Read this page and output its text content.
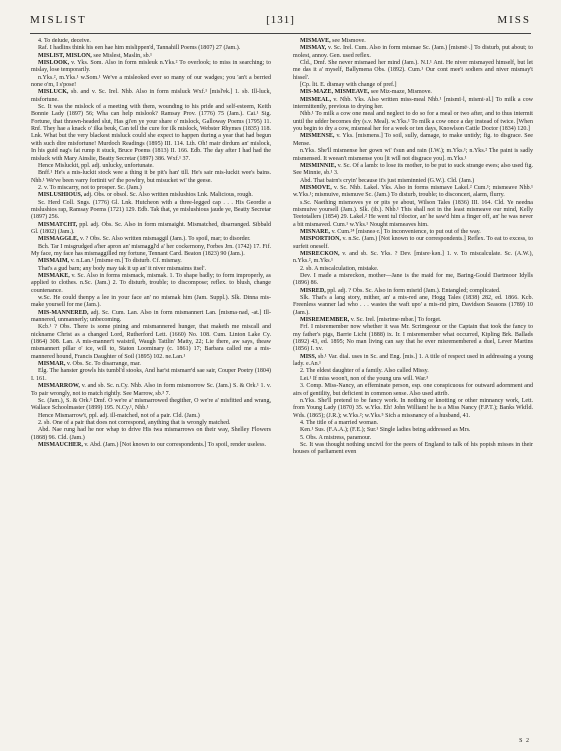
MISLIST	[131]	MISS

4. To delude, deceive.

Raf. I hadlins think his een hae him mislippen'd, Tannahill Poems (1807) 27 (Jam.).

MISLIST, MISLON, see Mislest, Maslin, sb.¹

MISLOOK, v. Yks. Som. Also in form misleuk n.Yks.² To overlook; to miss in searching; to mislay, lose temporarily.

n.Yks.², m.Yks.¹ w.Som.¹ We've a misleoked ever so many of our wadges; you 'an't a berried none o'm, I s'pose!

MISLUCK, sb. and v. Sc. Irel. Nhb. Also in form misluck Wxf.¹ [misl'ɐk.] 1. sb. Ill-luck, misfortune.

Sc. It was the mislock of a meeting with them, wounding to his pride and self-esteem, Keith Bonnie Lady (1897) 56; Wha can help mislook? Ramsay Prov. (1776) 75 (Jam.). Cai.¹ Sig. Fortune, that thrawn-headed slut, Has gi'en ye your share o' mislock, Galloway Poems (1795) 11. Rnf. They hae a knack o' ilka beuk, Can tell the cure for ilk mislock, Webster Rhymes (1835) 118. Lnk. What but the very blackest misluck could she expect to happen during a year that had begun with such dire misfortune! Murdoch Readings (1895) III. 114. Lth. Oh! mair dirdum an' mislock, In his guid nag's fat rump it stuck, Bruce Poems (1813) II. 166. Edb. The day after I had had the misluck with Mary Ainslie, Beatty Secretar (1897) 386. Wxf.¹ 37.

Hence Misluckit, ppl. adj. unlucky, unfortunate.

Bnff.¹ He's a mis-luckit stock wee a thing it be pit's han' till. He's sair mis-luckit wee's bains. Nhb.¹ We've been varry fortinit wi' the powltry, but misucket wi' the geese.

2. v. To miscarry, not to prosper. Sc. (Jam.)

MISLUSHIOUS, adj. Obs. or obsol. Sc. Also written mislushios Lnk. Malicious, rough.

Sc. Herd Coll. Sngs. (1776) Gl. Lnk. Hutcheon with a three-legged cap . . . His Geordie a mislushios rap, Ramsay Poems (1721) 129. Edb. Tak that, ye mislushious jaude ye, Beatty Secretar (1897) 256.

MISMATCHT, ppl. adj. Obs. Sc. Also in form mismaight. Mismatched, disarranged. Sibbald Gl. (1802) (Jam.).

MISMAGGLE, v. ? Obs. Sc. Also written mismaggil (Jam.). To spoil, mar; to disorder.

Bch. Tar I misgrudged a'her apron an' mismaggl'd a' her cockernony, Forbes Jrn. (1742) 17. Fif. My face, my face has mismaggilled my fortune, Tennant Card. Beaton (1823) 90 (Jam.).

MISMAIM, v. n.Lan.¹ [misme·m.] To disturb. Cf. mismay.

That's a gud barn; any body may tak it up an' it niver mismaims itsel'.

MISMAKE, v. Sc. Also in forms mismack, mismak. 1. To shape badly; to form improperly, as applied to clothes. n.Sc. (Jam.) 2. To disturb, trouble; to discompose; reflex. to blush, change countenance.

w.Sc. He could thenpy a lee in your face an' no mismak him (Jam. Suppl.). Slk. Dinna mis-make yoursell for me (Jam.).

MIS-MANNERED, adj. Sc. Cum. Lan. Also in form mismannert Lan. [misma·nad, -at.] Ill-mannered, unmannerly; unbecoming.

Kcb.¹ ? Obs. There is some pining and mismannered hunger, that maketh me miscall and nickname Christ as a changed Lord, Rutherford Lett. (1660) No. 108. Cum. Linton Lake Cy. (1864) 308. Lan. A mis-manner't waistril, Waugh Tattlin' Matty, 22; Lie there, aw says, theaw mismannert pillar o' ice, will to, Staton Loominary (c. 1861) 17; Barbara called me a mis-mannered hound, Francis Daughter of Soil (1895) 102. ne.Lan.¹

MISMAR, v. Obs. Sc. To disarrange, mar.

Elg. The hanster growls his tumbl'd stooks, And har'st mismarr'd sae sair, Couper Poetry (1804) I. 161.

MISMARROW, v. and sb. Sc. n.Cy. Nhb. Also in form mismorrow Sc. (Jam.) S. & Ork.¹ 1. v. To pair wrongly, not to match rightly. See Marrow, sb.³ 7.

Sc. (Jam.), S. & Ork.¹ Dmf. O we're a' mismarrowed thegither, O we're a' misfitted and wrang, Wallace Schoolmaster (1899) 195. N.Cy.¹, Nhb.¹

Hence Mismarrow't, ppl. adj. ill-matched, not of a pair. Cld. (Jam.)

2. sb. One of a pair that does not correspond, anything that is wrongly matched.

Abd. Nae rung had he nor whap to drive His twa mismarrows on their way, Shelley Flowers (1868) 96. Cld. (Jam.)

MISMAUCHER, v. Abd. (Jam.) [Not known to our correspondents.] To spoil, render useless.

MISMAVE, see Mismove.

MISMAY, v. Sc. Irel. Cum. Also in form mismae Sc. (Jam.) [mismē·.] To disturb, put about; to molest, annoy. Gen. used reflex.

Cld., Dmf. She never mismaed her mind (Jam.). N.I.¹ Ant. He niver mismayed himself, but let me das it a' myself, Ballymena Obs. (1892). Cum.¹ Our cont mee't sodiers and niver mismay't hissel'.

[Cp. lit. E. dismay with change of pref.]

MIS-MAZE, MISMEAVE, see Miz-maze, Mismove.

MISMEAL, v. Nhb. Yks. Also written miss-meal Nhb.¹ [mismī·l, mismi·əl.] To milk a cow intermittently, previous to drying her.

Nhb.¹ To milk a cow one meal and neglect to do so for a meal or two after, and to thus intermit until the udder becomes dry (s.v. Meal). w.Yks.¹ To milk a cow once a day instead of twice. [When you begin to dry a cow, mismeal her for a week or ten days, Knowlson Cattle Doctor (1834) 120.]

MISMENSE, v. Yks. [mismens.] To soil, sully, damage, to make untidy; fig. to disgrace. See Mense.

n.Yks. She'll mismense her gown wi' t'sun and rain (I.W.); m.Yks.¹; n.Yks.² The paint is sadly mismensed. It weean't mismense you [it will not disgrace you]. m.Yks.¹

MISMINNIE, v. Sc. Of a lamb: to lose its mother, to be put to suck strange ewes; also used fig. See Minnie, sb.¹ 3.

Abd. That bairn's cryin' because it's just misminnied (G.W.). Cld. (Jam.)

MISMOVE, v. Sc. Nhb. Lakel. Yks. Also in forms mismave Lakel.² Cum.¹; mismeave Nhb.¹ w.Yks.¹; mismuive, mismuve Sc. (Jam.) To disturb, trouble; to disconcert, alarm, flurry.

s.Sc. Naething mismoves ye or pits ye about, Wilson Tales (1836) III. 164. Cld. Ye needna mismuive yoursell (Jam.). Slk. (ib.). Nhb.¹ This shall not in the least mismeave our mind, Kelly Teetotallers (1854) 29. Lakel.² He went tul t'doctor, an' he saw'd him a finger off, an' he was never a bit mismaved. Cum.¹ w.Yks.¹ Nought mismeaves him.

MISNARE, v. Cum.²⁴ [misneə·r.] To inconvenience, to put out of the way.

MISPORTION, v. n.Sc. (Jam.) [Not known to our correspondents.] Reflex. To eat to excess, to surfeit oneself.

MISRECKON, v. and sb. Sc. Yks. ? Dev. [misre·kən.] 1. v. To miscalculate. Sc. (A.W.), n.Yks.², m.Yks.¹

2. sb. A miscalculation, mistake.

Dev. I made a misreckon, mother—Jane is the maid for me, Baring-Gould Dartmoor Idylls (1896) 86.

MISRED, ppl. adj. ? Obs. Sc. Also in form misrid (Jam.). Entangled; complicated.

Slk. That's a lang story, mither, an' a mis-red ane, Hogg Tales (1838) 282, ed. 1866. Kcb. Freenless wanner lad who . . . wastes the waft upo' a mis-rid pirn, Davidson Seasons (1789) 10 (Jam.).

MISREMEMBER, v. Sc. Irel. [misrime·mbər.] To forget.

Frf. I misremember now whether it was Mr. Scrimgeour or the Captain that took the fancy to my father's pigs, Barrie Licht (1888) ix. Ir. I misremember what occurred, Kipling Brk. Ballads (1892) 43, ed. 1895; No man living can say that he ever misremembered a duel, Lever Martins (1856) I. xv.

MISS, sb.¹ Var. dial. uses in Sc. and Eng. [mis.] 1. A title of respect used in addressing a young lady. e.An.¹

2. The eldest daughter of a family. Also called Missy.

Lei.¹ If miss woon't, non of the young uns will. War.³

3. Comp. Miss-Nancy, an effeminate person, esp. one conspicuous for outward adornment and airs of gentility, but deficient in common sense. Also used attrib.

n.Yks. She'll pretend to be fancy work. In nothing or knotting or other minnancy work, Lett. from Young Lady (1870) 35. w.Yks. Eh! John William! he is a Miss Nancy (F.P.T.); Banks Wkfld. Wds. (1865); (J.R.); w.Yks.²; w.Yks.⁵ Sich a missnancy of a husband, 41.

4. The title of a married woman.

Ken.¹ Sus. (F.A.A.); (F.E.); Sur.¹ Single ladies being addressed as Mrs.

5. Obs. A mistress, paramour.

Sc. It was thought nothing uncivil for the peers of England to talk of his popish misses in their houses of parliament even

S 2
